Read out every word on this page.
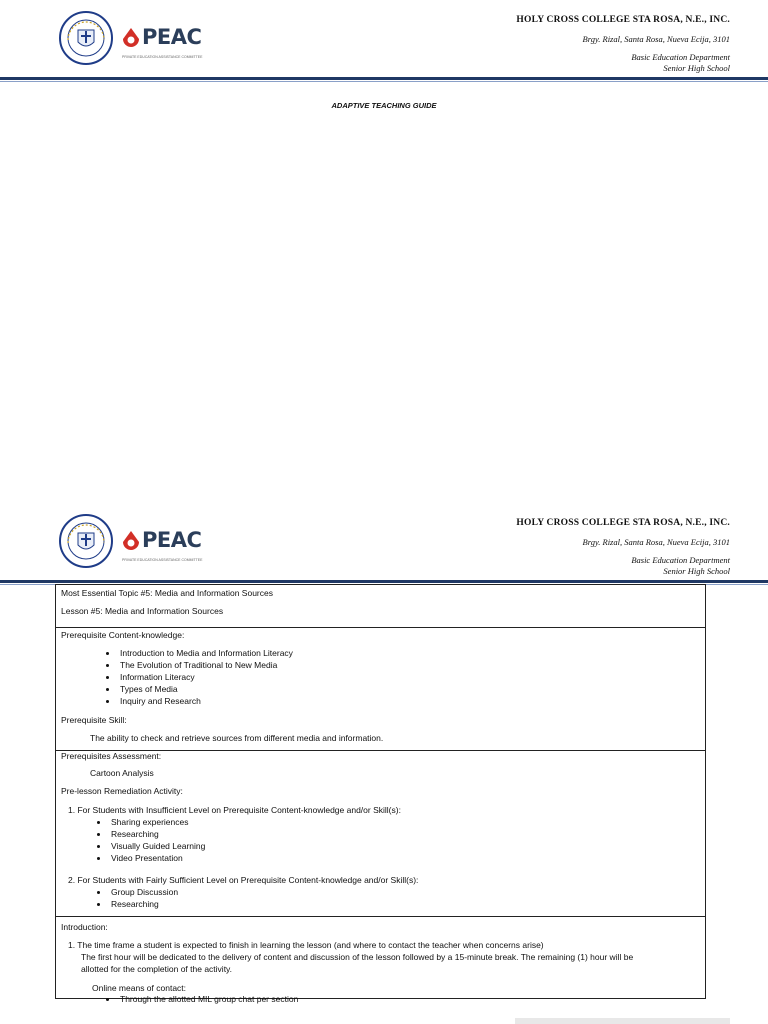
PEAC
PRIVATE EDUCATION ASSISTANCE COMMITTEE
HOLY CROSS COLLEGE STA ROSA, N.E., INC.
Brgy. Rizal, Santa Rosa, Nueva Ecija, 3101
Basic Education Department
Senior High School
ADAPTIVE TEACHING GUIDE
PEAC
PRIVATE EDUCATION ASSISTANCE COMMITTEE
HOLY CROSS COLLEGE STA ROSA, N.E., INC.
Brgy. Rizal, Santa Rosa, Nueva Ecija, 3101
Basic Education Department
Senior High School
Most Essential Topic #5: Media and Information Sources
Lesson #5: Media and Information Sources
Prerequisite Content-knowledge:
Introduction to Media and Information Literacy
The Evolution of Traditional to New Media
Information Literacy
Types of Media
Inquiry and Research
Prerequisite Skill:
The ability to check and retrieve sources from different media and information.
Prerequisites Assessment:
Cartoon Analysis
Pre-lesson Remediation Activity:
1. For Students with Insufficient Level on Prerequisite Content-knowledge and/or Skill(s):
Sharing experiences
Researching
Visually Guided Learning
Video Presentation
2. For Students with Fairly Sufficient Level on Prerequisite Content-knowledge and/or Skill(s):
Group Discussion
Researching
Introduction:
1. The time frame a student is expected to finish in learning the lesson (and where to contact the teacher when concerns arise)
The first hour will be dedicated to the delivery of content and discussion of the lesson followed by a 15-minute break. The remaining (1) hour will be
allotted for the completion of the activity.
Online means of contact:
Through the allotted MIL group chat per section
